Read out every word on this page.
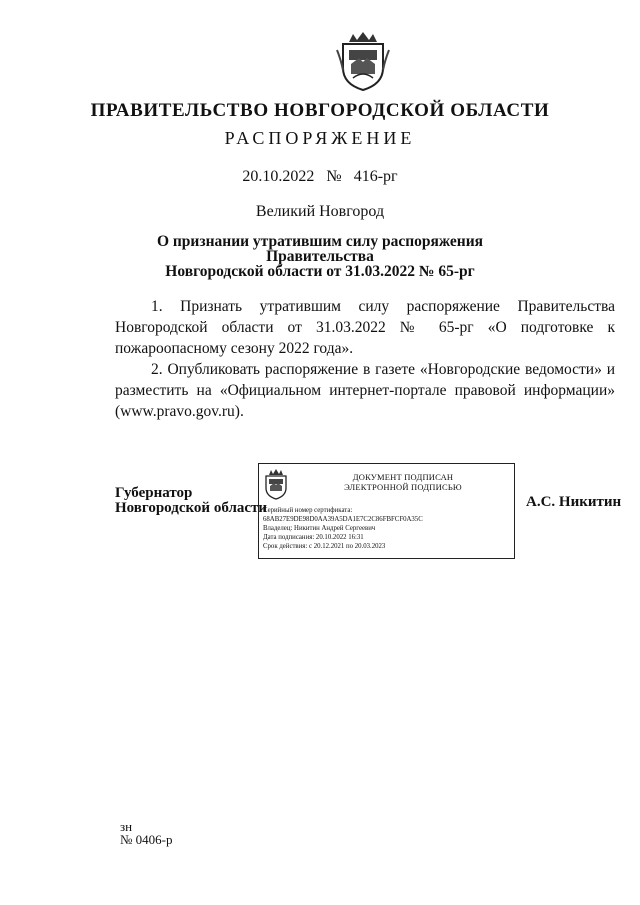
ПРАВИТЕЛЬСТВО НОВГОРОДСКОЙ ОБЛАСТИ
РАСПОРЯЖЕНИЕ
20.10.2022 № 416-рг
Великий Новгород
О признании утратившим силу распоряжения Правительства
Новгородской области от 31.03.2022 № 65-рг

1. Признать утратившим силу распоряжение Правительства Новгородской области от 31.03.2022 № 65-рг «О подготовке к пожароопасному сезону 2022 года».

2. Опубликовать распоряжение в газете «Новгородские ведомости» и разместить на «Официальном интернет-портале правовой информации» (www.pravo.gov.ru).

Губернатор
Новгородской области
ДОКУМЕНТ ПОДПИСАН
ЭЛЕКТРОННОЙ ПОДПИСЬЮ
Серийный номер сертификата:
68AB27E9DE98D0AA39A5DA1E7C2C86FBFCF0A35C
Владелец: Никитин Андрей Сергеевич
Дата подписания: 20.10.2022 16:31
Срок действия: с 20.12.2021 по 20.03.2023
А.С. Никитин
зн
№ 0406-р
